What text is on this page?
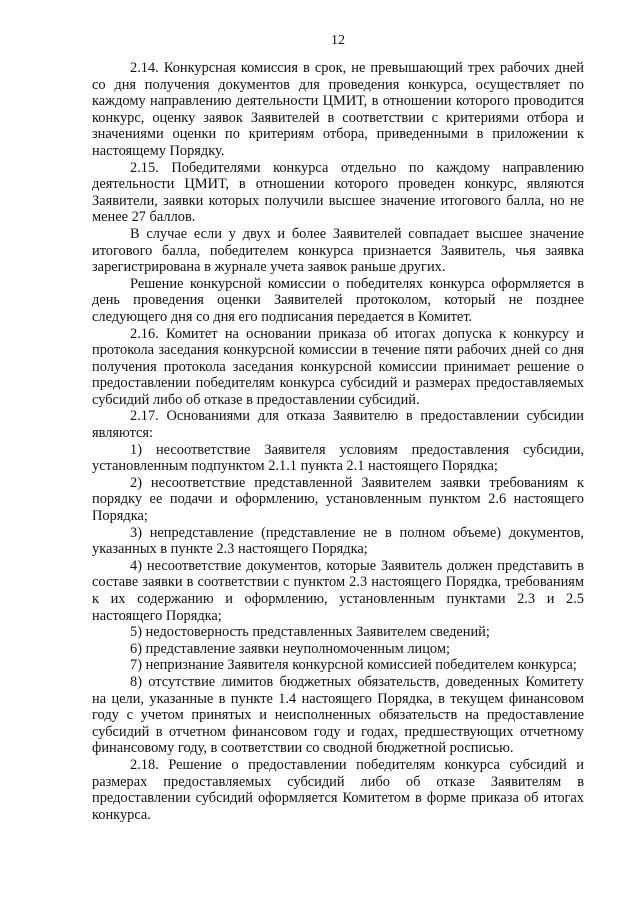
12

2.14. Конкурсная комиссия в срок, не превышающий трех рабочих дней со дня получения документов для проведения конкурса, осуществляет по каждому направлению деятельности ЦМИТ, в отношении которого проводится конкурс, оценку заявок Заявителей в соответствии с критериями отбора и значениями оценки по критериям отбора, приведенными в приложении к настоящему Порядку.

2.15. Победителями конкурса отдельно по каждому направлению деятельности ЦМИТ, в отношении которого проведен конкурс, являются Заявители, заявки которых получили высшее значение итогового балла, но не менее 27 баллов.

В случае если у двух и более Заявителей совпадает высшее значение итогового балла, победителем конкурса признается Заявитель, чья заявка зарегистрирована в журнале учета заявок раньше других.

Решение конкурсной комиссии о победителях конкурса оформляется в день проведения оценки Заявителей протоколом, который не позднее следующего дня со дня его подписания передается в Комитет.

2.16. Комитет на основании приказа об итогах допуска к конкурсу и протокола заседания конкурсной комиссии в течение пяти рабочих дней со дня получения протокола заседания конкурсной комиссии принимает решение о предоставлении победителям конкурса субсидий и размерах предоставляемых субсидий либо об отказе в предоставлении субсидий.

2.17. Основаниями для отказа Заявителю в предоставлении субсидии являются:

1) несоответствие Заявителя условиям предоставления субсидии, установленным подпунктом 2.1.1 пункта 2.1 настоящего Порядка;

2) несоответствие представленной Заявителем заявки требованиям к порядку ее подачи и оформлению, установленным пунктом 2.6 настоящего Порядка;

3) непредставление (представление не в полном объеме) документов, указанных в пункте 2.3 настоящего Порядка;

4) несоответствие документов, которые Заявитель должен представить в составе заявки в соответствии с пунктом 2.3 настоящего Порядка, требованиям к их содержанию и оформлению, установленным пунктами 2.3 и 2.5 настоящего Порядка;

5) недостоверность представленных Заявителем сведений;

6) представление заявки неуполномоченным лицом;

7) непризнание Заявителя конкурсной комиссией победителем конкурса;

8) отсутствие лимитов бюджетных обязательств, доведенных Комитету на цели, указанные в пункте 1.4 настоящего Порядка, в текущем финансовом году с учетом принятых и неисполненных обязательств на предоставление субсидий в отчетном финансовом году и годах, предшествующих отчетному финансовому году, в соответствии со сводной бюджетной росписью.

2.18. Решение о предоставлении победителям конкурса субсидий и размерах предоставляемых субсидий либо об отказе Заявителям в предоставлении субсидий оформляется Комитетом в форме приказа об итогах конкурса.
